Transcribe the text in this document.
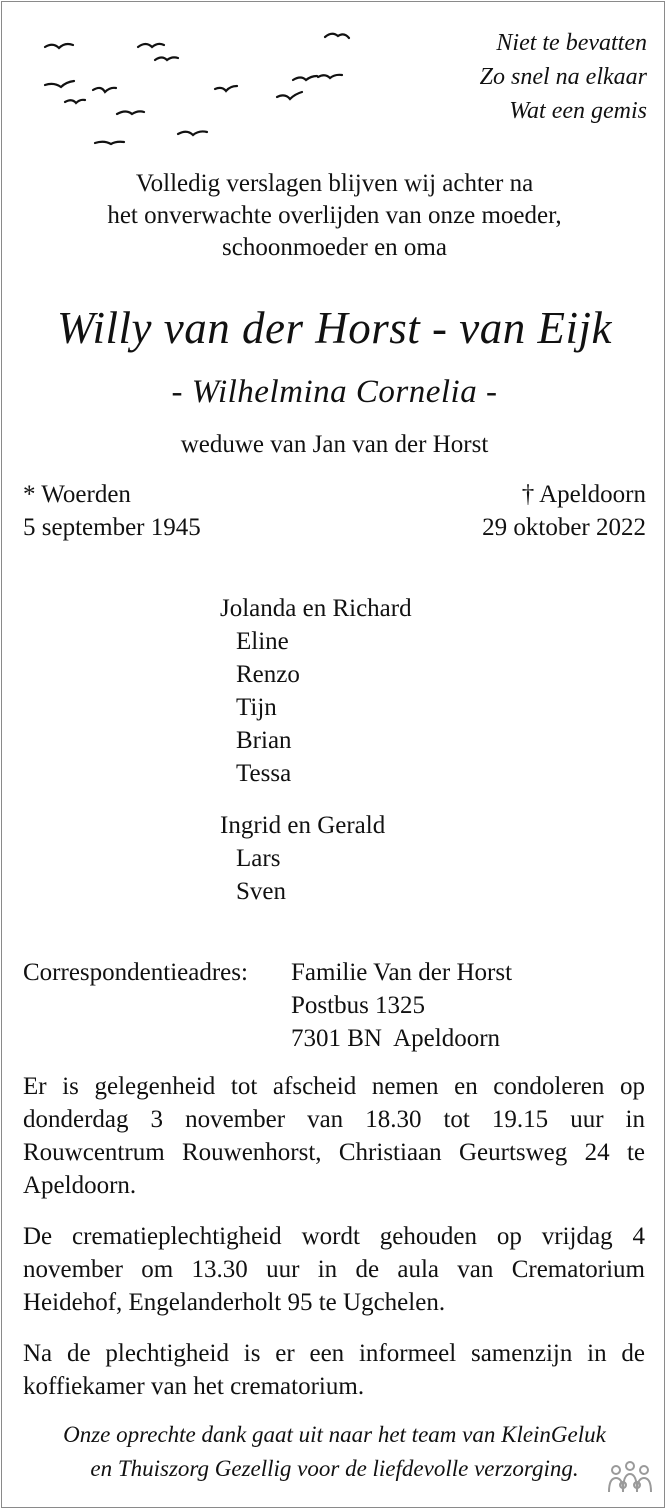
Niet te bevatten
Zo snel na elkaar
Wat een gemis
Volledig verslagen blijven wij achter na
het onverwachte overlijden van onze moeder,
schoonmoeder en oma
Willy van der Horst - van Eijk
- Wilhelmina Cornelia -
weduwe van Jan van der Horst
* Woerden
5 september 1945
† Apeldoorn
29 oktober 2022
Jolanda en Richard
Eline
Renzo
Tijn
Brian
Tessa
Ingrid en Gerald
Lars
Sven
Correspondentieadres: Familie Van der Horst
Postbus 1325
7301 BN  Apeldoorn
Er is gelegenheid tot afscheid nemen en condoleren op donderdag 3 november van 18.30 tot 19.15 uur in Rouwcentrum Rouwenhorst, Christiaan Geurtsweg 24 te Apeldoorn.
De crematieplechtigheid wordt gehouden op vrijdag 4 november om 13.30 uur in de aula van Crematorium Heidehof, Engelanderholt 95 te Ugchelen.
Na de plechtigheid is er een informeel samenzijn in de koffiekamer van het crematorium.
Onze oprechte dank gaat uit naar het team van KleinGeluk
en Thuiszorg Gezellig voor de liefdevolle verzorging.
